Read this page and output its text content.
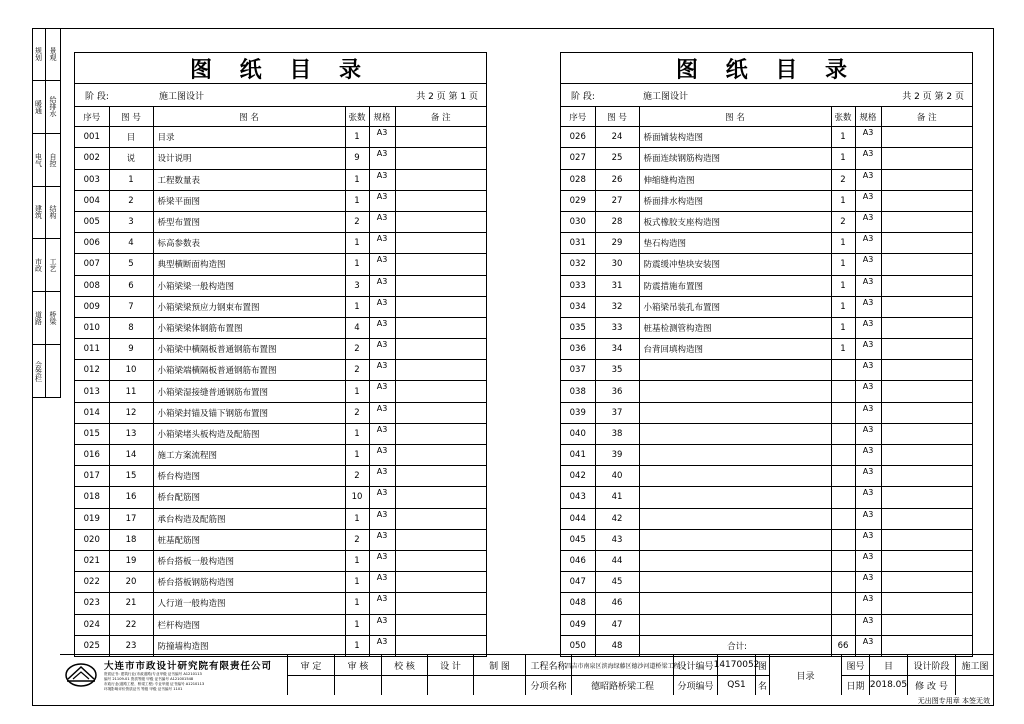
规划 景观
暖通 给排水
电气 自控
建筑 结构
市政 工艺
道路 桥梁
会签栏
图 纸 目 录
阶 段:	施工图设计	共 2 页 第 1 页
序号	图 号	图 名	张数	规格	备 注
001	目	目录	1	A3	
002	说	设计说明	9	A3	
003	1	工程数量表	1	A3	
004	2	桥梁平面图	1	A3	
005	3	桥型布置图	2	A3	
006	4	标高参数表	1	A3	
007	5	典型横断面构造图	1	A3	
008	6	小箱梁梁一般构造图	3	A3	
009	7	小箱梁梁预应力钢束布置图	1	A3	
010	8	小箱梁梁体钢筋布置图	4	A3	
011	9	小箱梁中横隔板普通钢筋布置图	2	A3	
012	10	小箱梁端横隔板普通钢筋布置图	2	A3	
013	11	小箱梁湿接缝普通钢筋布置图	1	A3	
014	12	小箱梁封锚及锚下钢筋布置图	2	A3	
015	13	小箱梁堵头板构造及配筋图	1	A3	
016	14	施工方案流程图	1	A3	
017	15	桥台构造图	2	A3	
018	16	桥台配筋图	10	A3	
019	17	承台构造及配筋图	1	A3	
020	18	桩基配筋图	2	A3	
021	19	桥台搭板一般构造图	1	A3	
022	20	桥台搭板钢筋构造图	1	A3	
023	21	人行道一般构造图	1	A3	
024	22	栏杆构造图	1	A3	
025	23	防撞墙构造图	1	A3	
图 纸 目 录
阶 段:	施工图设计	共 2 页 第 2 页
序号	图 号	图 名	张数	规格	备 注
026	24	桥面铺装构造图	1	A3	
027	25	桥面连续钢筋构造图	1	A3	
028	26	伸缩缝构造图	2	A3	
029	27	桥面排水构造图	1	A3	
030	28	板式橡胶支座构造图	2	A3	
031	29	垫石构造图	1	A3	
032	30	防震缓冲垫块安装图	1	A3	
033	31	防震措施布置图	1	A3	
034	32	小箱梁吊装孔布置图	1	A3	
035	33	桩基检测管构造图	1	A3	
036	34	台背回填构造图	1	A3	
037	35			A3	
038	36			A3	
039	37			A3	
040	38			A3	
041	39			A3	
042	40			A3	
043	41			A3	
044	42			A3	
045	43			A3	
046	44			A3	
047	45			A3	
048	46			A3	
049	47			A3	
050	48	合计:	66	A3	
大连市市政设计研究院有限责任公司
资质证书: 建筑行业(市政道路)专业甲级 证书编号 A1210113
编号 21109-01 资质等级 甲级 证书编号 A121001548
市政行业(道路工程、桥梁工程) 专业甲级 证书编号 A1210113
环境影响评价资质证书 等级 甲级 证书编号 1101
审 定	审 核	校 核	设 计	制 图	工程名称 昌吉市南泉区滨海绿藤区德沙河道桥梁工程
设计编号 14170052
图
分项名称	德昭路桥梁工程	分项编号	QS1	名
目录
图号	目	设计阶段	施工图
日期 2018.05 修 改 号
无出图专用章 本签无效
